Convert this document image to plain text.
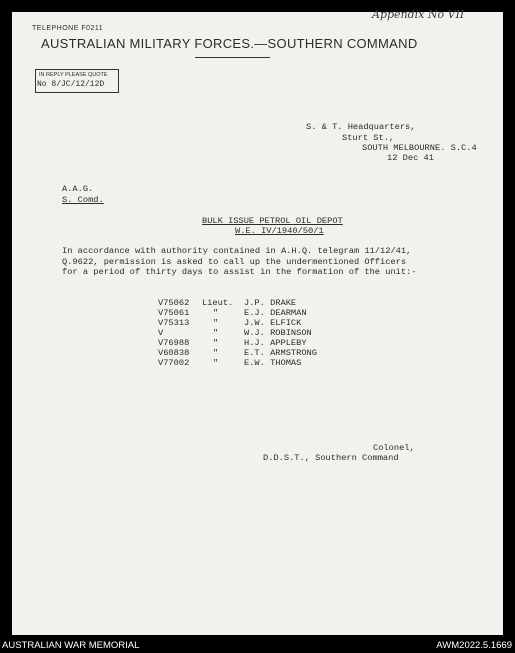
TELEPHONE F0211
AUSTRALIAN MILITARY FORCES.—SOUTHERN COMMAND
IN REPLY PLEASE QUOTE
No 8/JC/12/12D
Appendix No VII
S. & T. Headquarters,
Sturt St.,
SOUTH MELBOURNE. S.C.4
12 Dec 41
A.A.G.
S. Comd.
BULK ISSUE PETROL OIL DEPOT
W.E. IV/1940/50/1
In accordance with authority contained in A.H.Q. telegram 11/12/41,
Q.9622, permission is asked to call up the undermentioned Officers
for a period of thirty days to assist in the formation of the unit:-
V75062 Lieut. J.P. DRAKE
V75061	"	E.J. DEARMAN
V75313	"	J.W. ELFICK
V	"	W.J. ROBINSON
V76988	"	H.J. APPLEBY
V60838	"	E.T. ARMSTRONG
V77002	"	E.W. THOMAS
Colonel,
D.D.S.T., Southern Command
AUSTRALIAN WAR MEMORIAL	AWM2022.5.1669
